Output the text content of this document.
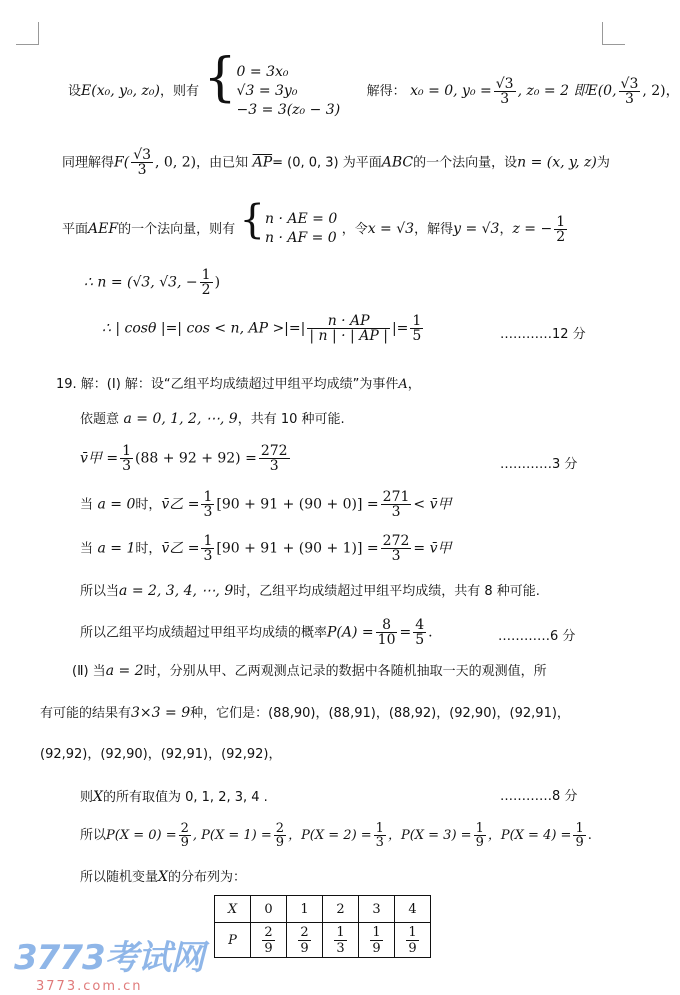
设E(x₀, y₀, z₀)，则有 {0 = 3x₀
√3 = 3y₀
−3 = 3(z₀ − 3) 解得： x₀ = 0, $y_0 = \frac{√3}{3}$ , z₀ = 2 即E(0, $\frac{√3}{3}$ , 2)，
同理解得$F( \frac{√3}{3}$ , 0, 2)，由已知 $\overline{AP}= (0$, 0, 3) 为平面ABC的一个法向量，设n = (x, y, z)为
平面AEF的一个法向量，则有 {n · AE = 0
n · AF = 0 ，令x = √3，解得y = √3，z = − $\frac{1}{2}$
∴ n = (√3, √3, − $\frac{1}{2}$ )
∴ | cosθ |=| cos < n, AP >|=| $\frac{n \cdot AP}{| n | \cdot | AP |}$ |= $\frac{1}{5}$	…………12 分
19. 解：(Ⅰ) 解：设“乙组平均成绩超过甲组平均成绩”为事件A，
依题意 a = 0, 1, 2, ⋯, 9，共有 10 种可能.
v̄甲 = $\frac{1}{3} (88 + 92 + 92) = \frac{272}{3}$	…………3 分
当 a = 0时，v̄乙 = $\frac{1}{3} [90 + 91 + (90 + 0)] = \frac{271}{3}$ < v̄甲
当 a = 1时，v̄乙 = $\frac{1}{3} [90 + 91 + (90 + 1)] = \frac{272}{3}$ = v̄甲
所以当a = 2, 3, 4, ⋯, 9时，乙组平均成绩超过甲组平均成绩，共有 8 种可能.
所以乙组平均成绩超过甲组平均成绩的概率$P(A) = \frac{8}{10} = \frac{4}{5}$ .	…………6 分
(Ⅱ) 当a = 2时，分别从甲、乙两观测点记录的数据中各随机抽取一天的观测值，所
有可能的结果有3×3 = 9种，它们是：(88,90)，(88,91)，(88,92)，(92,90)，(92,91)，
(92,92)，(92,90)，(92,91)，(92,92)，
则X的所有取值为 0, 1, 2, 3, 4 .	…………8 分
所以$P(X = 0) = \frac{2}{9}$ , $P(X = 1) = \frac{2}{9}$ ，$P(X = 2) = \frac{1}{3}$ ，$P(X = 3) = \frac{1}{9}$ ，$P(X = 4) = \frac{1}{9}$ .
所以随机变量X的分布列为：
X	0	1	2	3	4
P	$\frac{2}{9}$	$\frac{2}{9}$	$\frac{1}{3}$	$\frac{1}{9}$	$\frac{1}{9}$
3773考试网
3773.com.cn
